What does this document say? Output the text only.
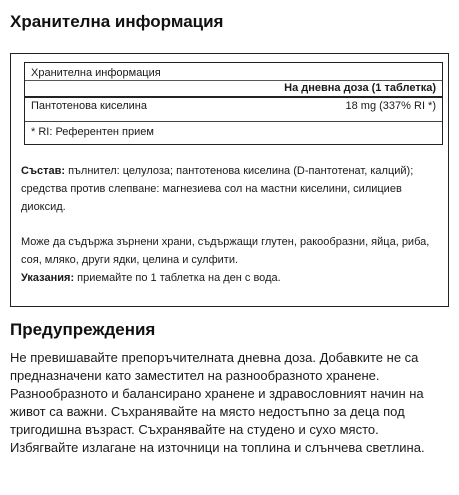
Хранителна информация
Хранителна информация
На дневна доза (1 таблетка)
Пантотенова киселина	18 mg (337% RI *)
* RI: Референтен прием
Състав: пълнител: целулоза; пантотенова киселина (D-пантотенат, калций); средства против слепване: магнезиева сол на мастни киселини, силициев диоксид.
Може да съдържа зърнени храни, съдържащи глутен, ракообразни, яйца, риба, соя, мляко, други ядки, целина и сулфити.
Указания: приемайте по 1 таблетка на ден с вода.
Предупреждения
Не превишавайте препоръчителната дневна доза. Добавките не са предназначени като заместител на разнообразното хранене. Разнообразното и балансирано хранене и здравословният начин на живот са важни. Съхранявайте на място недостъпно за деца под тригодишна възраст. Съхранявайте на студено и сухо място. Избягвайте излагане на източници на топлина и слънчева светлина.
